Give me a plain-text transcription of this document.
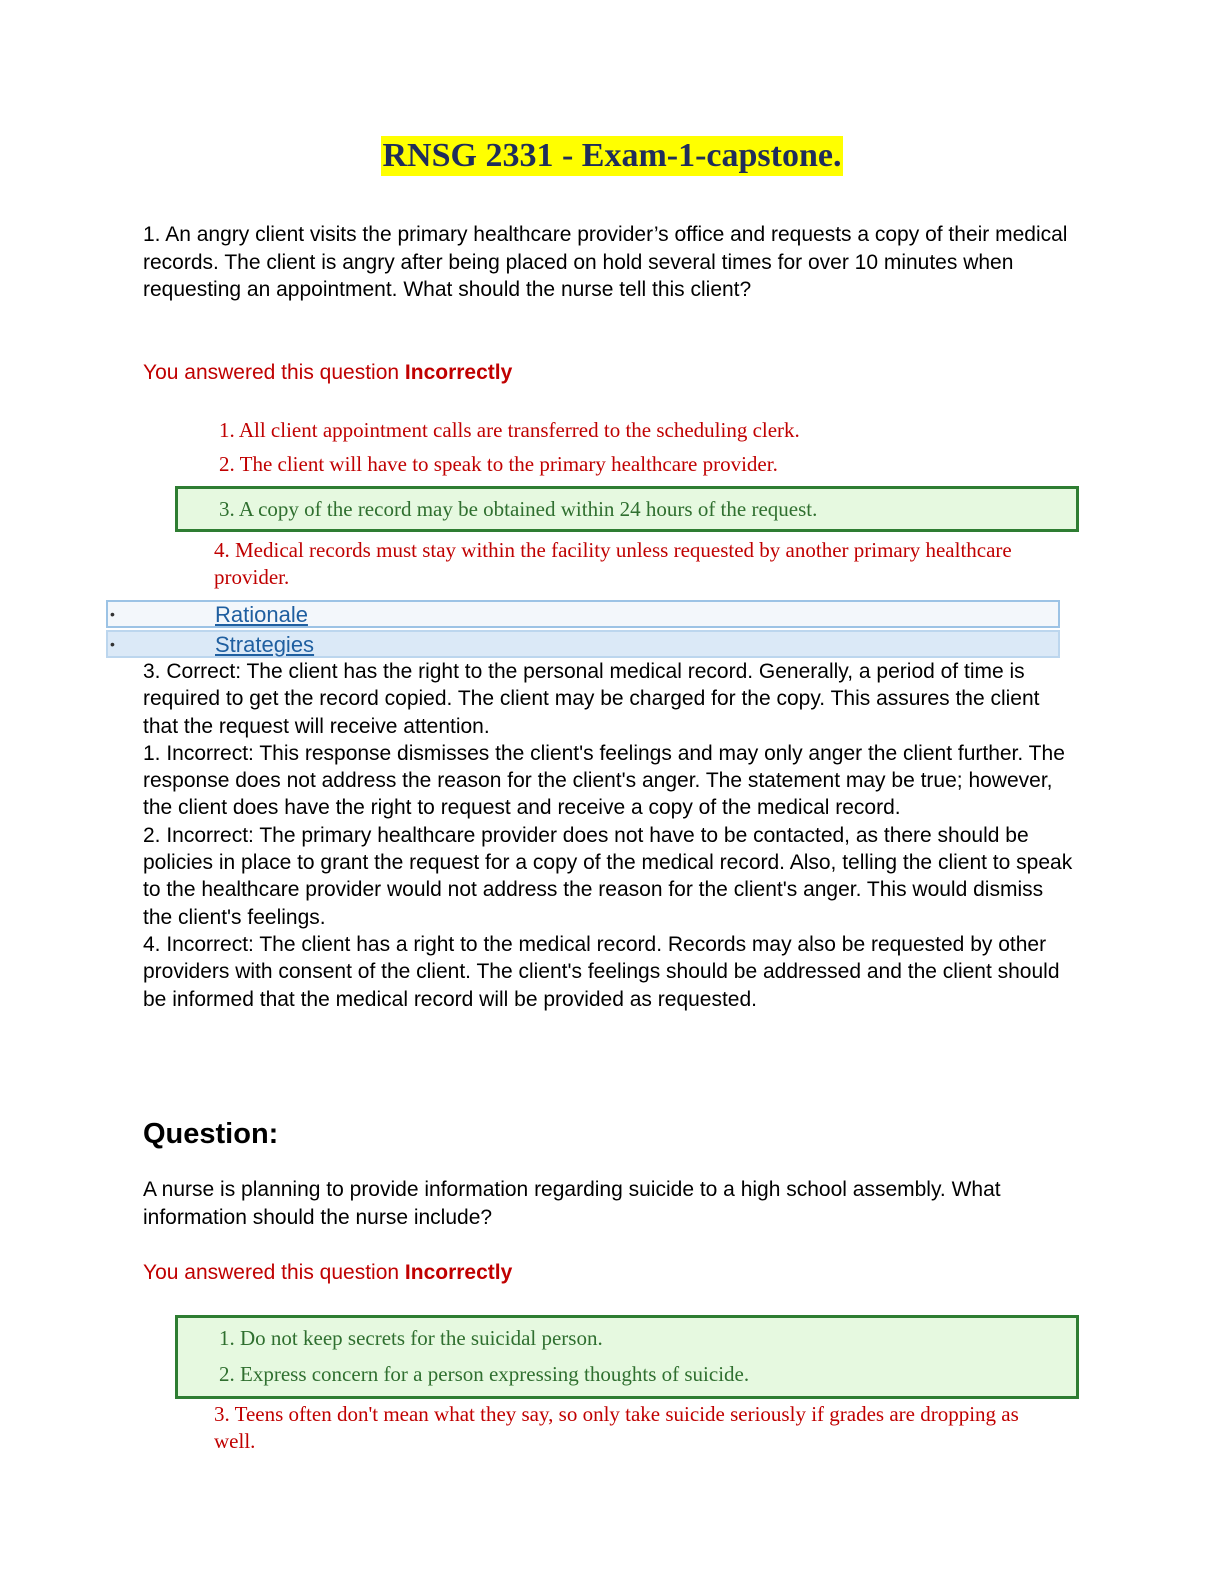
RNSG 2331 - Exam-1-capstone.
1. An angry client visits the primary healthcare provider’s office and requests a copy of their medical records. The client is angry after being placed on hold several times for over 10 minutes when requesting an appointment. What should the nurse tell this client?
You answered this question Incorrectly
1. All client appointment calls are transferred to the scheduling clerk.
2. The client will have to speak to the primary healthcare provider.
3. A copy of the record may be obtained within 24 hours of the request.
4. Medical records must stay within the facility unless requested by another primary healthcare provider.
•	Rationale
•	Strategies

3. Correct: The client has the right to the personal medical record. Generally, a period of time is required to get the record copied. The client may be charged for the copy. This assures the client that the request will receive attention.

1. Incorrect: This response dismisses the client's feelings and may only anger the client further. The response does not address the reason for the client's anger. The statement may be true; however, the client does have the right to request and receive a copy of the medical record.

2. Incorrect: The primary healthcare provider does not have to be contacted, as there should be policies in place to grant the request for a copy of the medical record. Also, telling the client to speak to the healthcare provider would not address the reason for the client's anger. This would dismiss the client's feelings.

4. Incorrect: The client has a right to the medical record. Records may also be requested by other providers with consent of the client. The client's feelings should be addressed and the client should be informed that the medical record will be provided as requested.

Question:
A nurse is planning to provide information regarding suicide to a high school assembly. What information should the nurse include?
You answered this question Incorrectly
1. Do not keep secrets for the suicidal person.
2. Express concern for a person expressing thoughts of suicide.
3. Teens often don't mean what they say, so only take suicide seriously if grades are dropping as well.
